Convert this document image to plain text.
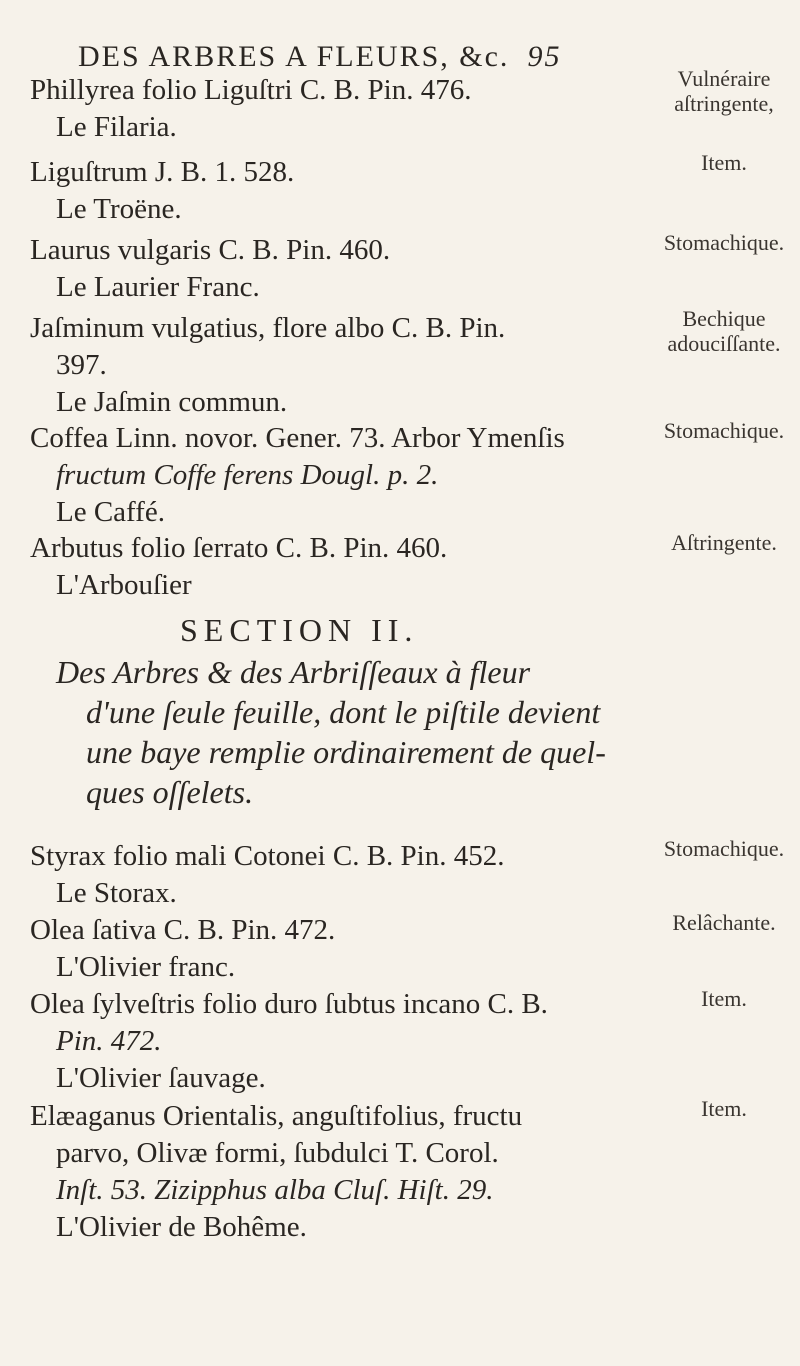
DES ARBRES A FLEURS, &c. 95
Phillyrea folio Liguſtri C. B. Pin. 476.
Le Filaria.
Vulnéraire aſtringente,
Liguſtrum J. B. 1. 528.
Le Troëne.
Item.
Laurus vulgaris C. B. Pin. 460.
Le Laurier Franc.
Stomachique.
Jaſminum vulgatius, flore albo C. B. Pin.
397.
Le Jaſmin commun.
Bechique adouciſſante.
Coffea Linn. novor. Gener. 73. Arbor Ymenſis
fructum Coffe ferens Dougl. p. 2.
Le Caffé.
Stomachique.
Arbutus folio ſerrato C. B. Pin. 460.
L'Arbouſier
Aſtringente.
SECTION II.
Des Arbres & des Arbriſſeaux à fleur
d'une ſeule feuille, dont le piſtile devient
une baye remplie ordinairement de quel-
ques oſſelets.
Styrax folio mali Cotonei C. B. Pin. 452.
Le Storax.
Stomachique.
Olea ſativa C. B. Pin. 472.
L'Olivier franc.
Relâchante.
Olea ſylveſtris folio duro ſubtus incano C. B.
Pin. 472.
L'Olivier ſauvage.
Item.
Elæaganus Orientalis, anguſtifolius, fructu
parvo, Olivæ formi, ſubdulci T. Corol.
Inſt. 53. Zizipphus alba Cluſ. Hiſt. 29.
L'Olivier de Bohême.
Item.
